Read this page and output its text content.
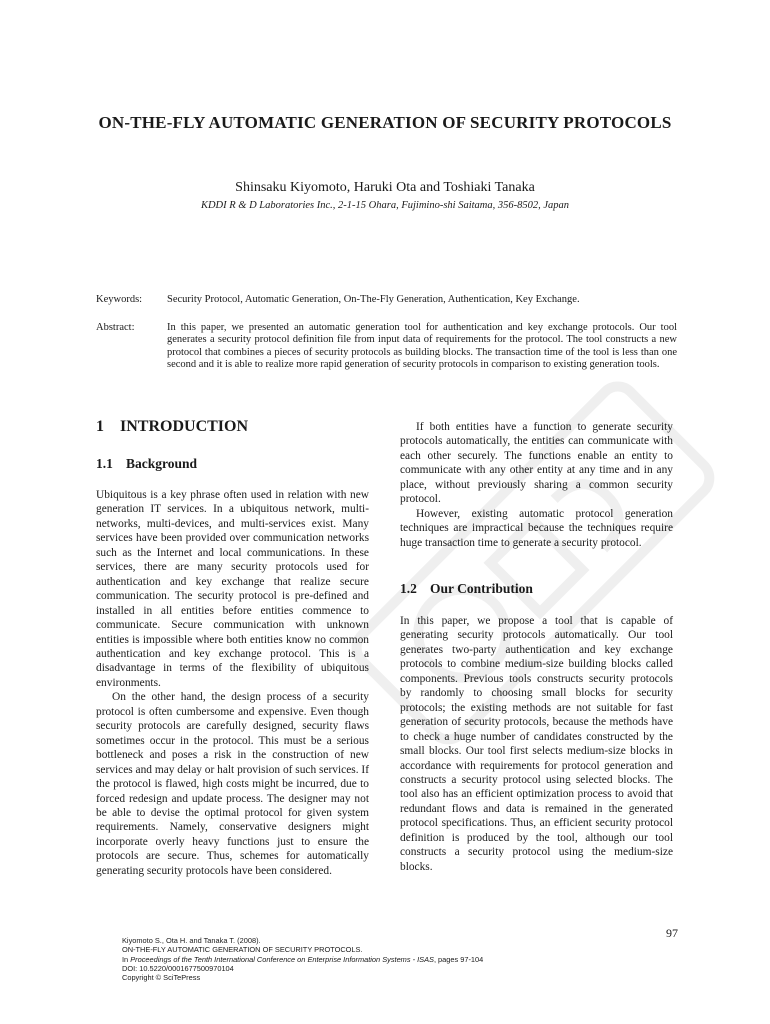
ON-THE-FLY AUTOMATIC GENERATION OF SECURITY PROTOCOLS
Shinsaku Kiyomoto, Haruki Ota and Toshiaki Tanaka
KDDI R & D Laboratories Inc., 2-1-15 Ohara, Fujimino-shi Saitama, 356-8502, Japan
Keywords: Security Protocol, Automatic Generation, On-The-Fly Generation, Authentication, Key Exchange.
Abstract:	In this paper, we presented an automatic generation tool for authentication and key exchange protocols. Our tool generates a security protocol definition file from input data of requirements for the protocol. The tool constructs a new protocol that combines a pieces of security protocols as building blocks. The transaction time of the tool is less than one second and it is able to realize more rapid generation of security protocols in comparison to existing generation tools.
1 INTRODUCTION
1.1 Background

Ubiquitous is a key phrase often used in relation with new generation IT services. In a ubiquitous network, multi-networks, multi-devices, and multi-services exist. Many services have been provided over communication networks such as the Internet and local communications. In these services, there are many security protocols used for authentication and key exchange that realize secure communication. The security protocol is pre-defined and installed in all entities before entities commence to communicate. Secure communication with unknown entities is impossible where both entities know no common authentication and key exchange protocol. This is a disadvantage in terms of the flexibility of ubiquitous environments.

On the other hand, the design process of a security protocol is often cumbersome and expensive. Even though security protocols are carefully designed, security flaws sometimes occur in the protocol. This must be a serious bottleneck and poses a risk in the construction of new services and may delay or halt provision of such services. If the protocol is flawed, high costs might be incurred, due to forced redesign and update process. The designer may not be able to devise the optimal protocol for given system requirements. Namely, conservative designers might incorporate overly heavy functions just to ensure the protocols are secure. Thus, schemes for automatically generating security protocols have been considered.

If both entities have a function to generate security protocols automatically, the entities can communicate with each other securely. The functions enable an entity to communicate with any other entity at any time and in any place, without previously sharing a common security protocol.

However, existing automatic protocol generation techniques are impractical because the techniques require huge transaction time to generate a security protocol.

1.2 Our Contribution

In this paper, we propose a tool that is capable of generating security protocols automatically. Our tool generates two-party authentication and key exchange protocols to combine medium-size building blocks called components. Previous tools constructs security protocols by randomly to choosing small blocks for security protocols; the existing methods are not suitable for fast generation of security protocols, because the methods have to check a huge number of candidates constructed by the small blocks. Our tool first selects medium-size blocks in accordance with requirements for protocol generation and constructs a security protocol using selected blocks. The tool also has an efficient optimization process to avoid that redundant flows and data is remained in the generated protocol specifications. Thus, an efficient security protocol definition is produced by the tool, although our tool constructs a security protocol using the medium-size blocks.

97
Kiyomoto S., Ota H. and Tanaka T. (2008).
ON-THE-FLY AUTOMATIC GENERATION OF SECURITY PROTOCOLS.
In Proceedings of the Tenth International Conference on Enterprise Information Systems - ISAS, pages 97-104
DOI: 10.5220/0001677500970104
Copyright © SciTePress
